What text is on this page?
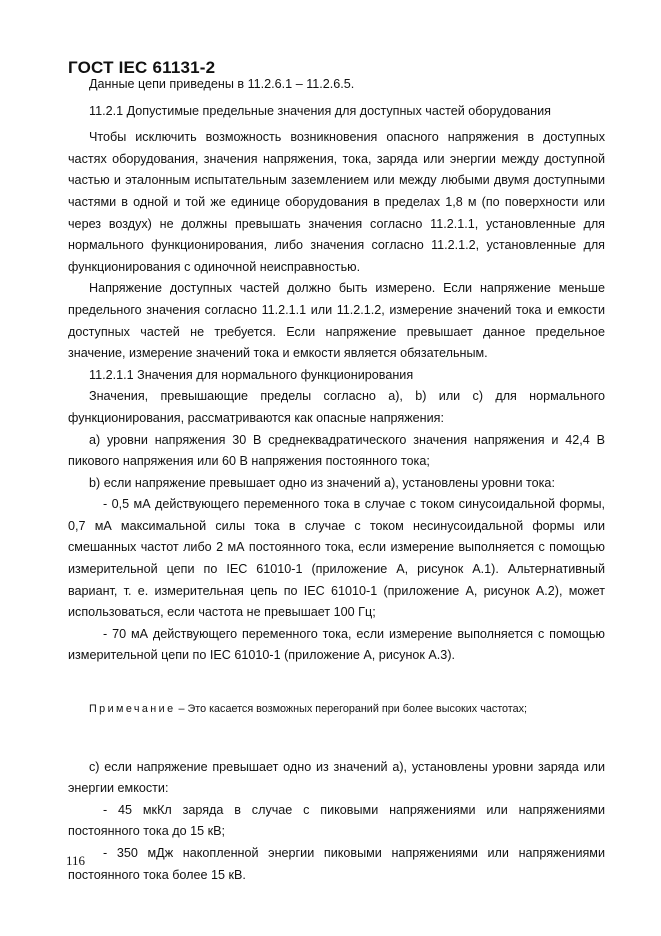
ГОСТ IEC 61131-2

Данные цепи приведены в 11.2.6.1 – 11.2.6.5.

11.2.1 Допустимые предельные значения для доступных частей оборудования

Чтобы исключить возможность возникновения опасного напряжения в доступных частях оборудования, значения напряжения, тока, заряда или энергии между доступной частью и эталонным испытательным заземлением или между любыми двумя доступными частями в одной и той же единице оборудования в пределах 1,8 м (по поверхности или через воздух) не должны превышать значения согласно 11.2.1.1, установленные для нормального функционирования, либо значения согласно 11.2.1.2, установленные для функционирования с одиночной неисправностью.

Напряжение доступных частей должно быть измерено. Если напряжение меньше предельного значения согласно 11.2.1.1 или 11.2.1.2, измерение значений тока и емкости доступных частей не требуется. Если напряжение превышает данное предельное значение, измерение значений тока и емкости является обязательным.

11.2.1.1 Значения для нормального функционирования

Значения, превышающие пределы согласно а), b) или с) для нормального функционирования, рассматриваются как опасные напряжения:

а) уровни напряжения 30 В среднеквадратического значения напряжения и 42,4 В пикового напряжения или 60 В напряжения постоянного тока;

b) если напряжение превышает одно из значений а), установлены уровни тока:

- 0,5 мА действующего переменного тока в случае с током синусоидальной формы, 0,7 мА максимальной силы тока в случае с током несинусоидальной формы или смешанных частот либо 2 мА постоянного тока, если измерение выполняется с помощью измерительной цепи по IEC 61010-1 (приложение А, рисунок А.1). Альтернативный вариант, т. е. измерительная цепь по IEC 61010-1 (приложение А, рисунок А.2), может использоваться, если частота не превышает 100 Гц;

- 70 мА действующего переменного тока, если измерение выполняется с помощью измерительной цепи по IEC 61010-1 (приложение А, рисунок А.3).

Примечание – Это касается возможных перегораний при более высоких частотах;

с) если напряжение превышает одно из значений а), установлены уровни заряда или энергии емкости:

- 45 мкКл заряда в случае с пиковыми напряжениями или напряжениями постоянного тока до 15 кВ;

- 350 мДж накопленной энергии пиковыми напряжениями или напряжениями постоянного тока более 15 кВ.

116
